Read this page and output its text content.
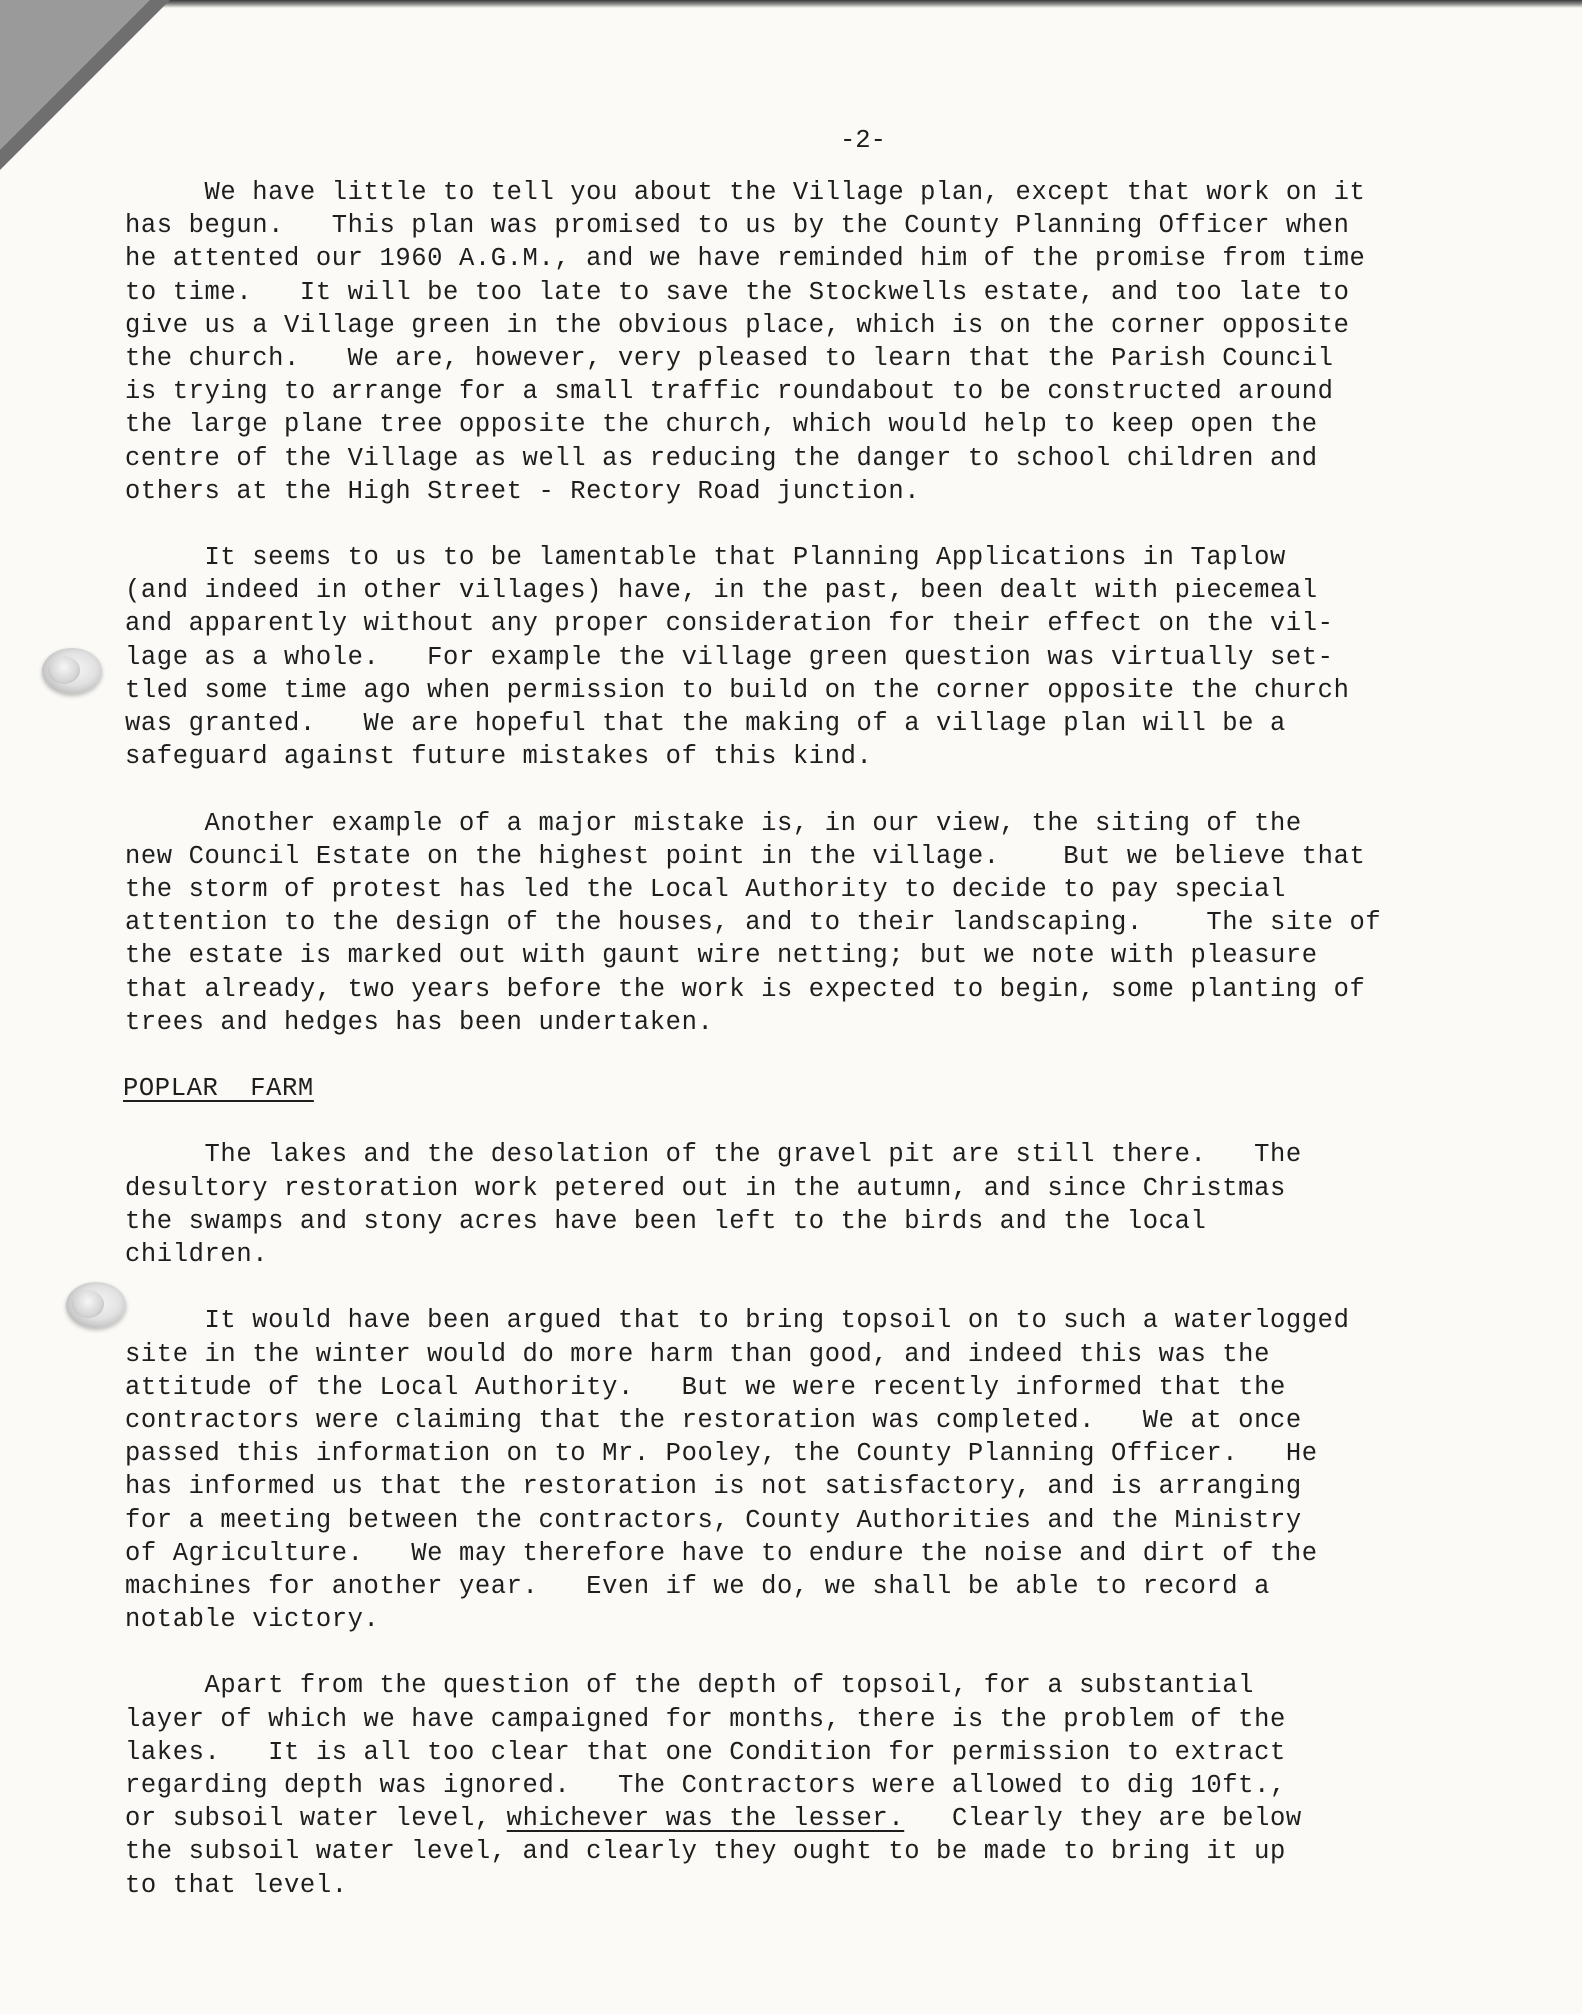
-2-
We have little to tell you about the Village plan, except that work on it
has begun.   This plan was promised to us by the County Planning Officer when
he attented our 1960 A.G.M., and we have reminded him of the promise from time
to time.   It will be too late to save the Stockwells estate, and too late to
give us a Village green in the obvious place, which is on the corner opposite
the church.   We are, however, very pleased to learn that the Parish Council
is trying to arrange for a small traffic roundabout to be constructed around
the large plane tree opposite the church, which would help to keep open the
centre of the Village as well as reducing the danger to school children and
others at the High Street - Rectory Road junction.
It seems to us to be lamentable that Planning Applications in Taplow
(and indeed in other villages) have, in the past, been dealt with piecemeal
and apparently without any proper consideration for their effect on the vil-
lage as a whole.   For example the village green question was virtually set-
tled some time ago when permission to build on the corner opposite the church
was granted.   We are hopeful that the making of a village plan will be a
safeguard against future mistakes of this kind.
Another example of a major mistake is, in our view, the siting of the
new Council Estate on the highest point in the village.    But we believe that
the storm of protest has led the Local Authority to decide to pay special
attention to the design of the houses, and to their landscaping.    The site of
the estate is marked out with gaunt wire netting; but we note with pleasure
that already, two years before the work is expected to begin, some planting of
trees and hedges has been undertaken.
POPLAR  FARM
The lakes and the desolation of the gravel pit are still there.   The
desultory restoration work petered out in the autumn, and since Christmas
the swamps and stony acres have been left to the birds and the local
children.
It would have been argued that to bring topsoil on to such a waterlogged
site in the winter would do more harm than good, and indeed this was the
attitude of the Local Authority.   But we were recently informed that the
contractors were claiming that the restoration was completed.   We at once
passed this information on to Mr. Pooley, the County Planning Officer.   He
has informed us that the restoration is not satisfactory, and is arranging
for a meeting between the contractors, County Authorities and the Ministry
of Agriculture.   We may therefore have to endure the noise and dirt of the
machines for another year.   Even if we do, we shall be able to record a
notable victory.
Apart from the question of the depth of topsoil, for a substantial
layer of which we have campaigned for months, there is the problem of the
lakes.   It is all too clear that one Condition for permission to extract
regarding depth was ignored.   The Contractors were allowed to dig 10ft.,
or subsoil water level, whichever was the lesser.   Clearly they are below
the subsoil water level, and clearly they ought to be made to bring it up
to that level.
